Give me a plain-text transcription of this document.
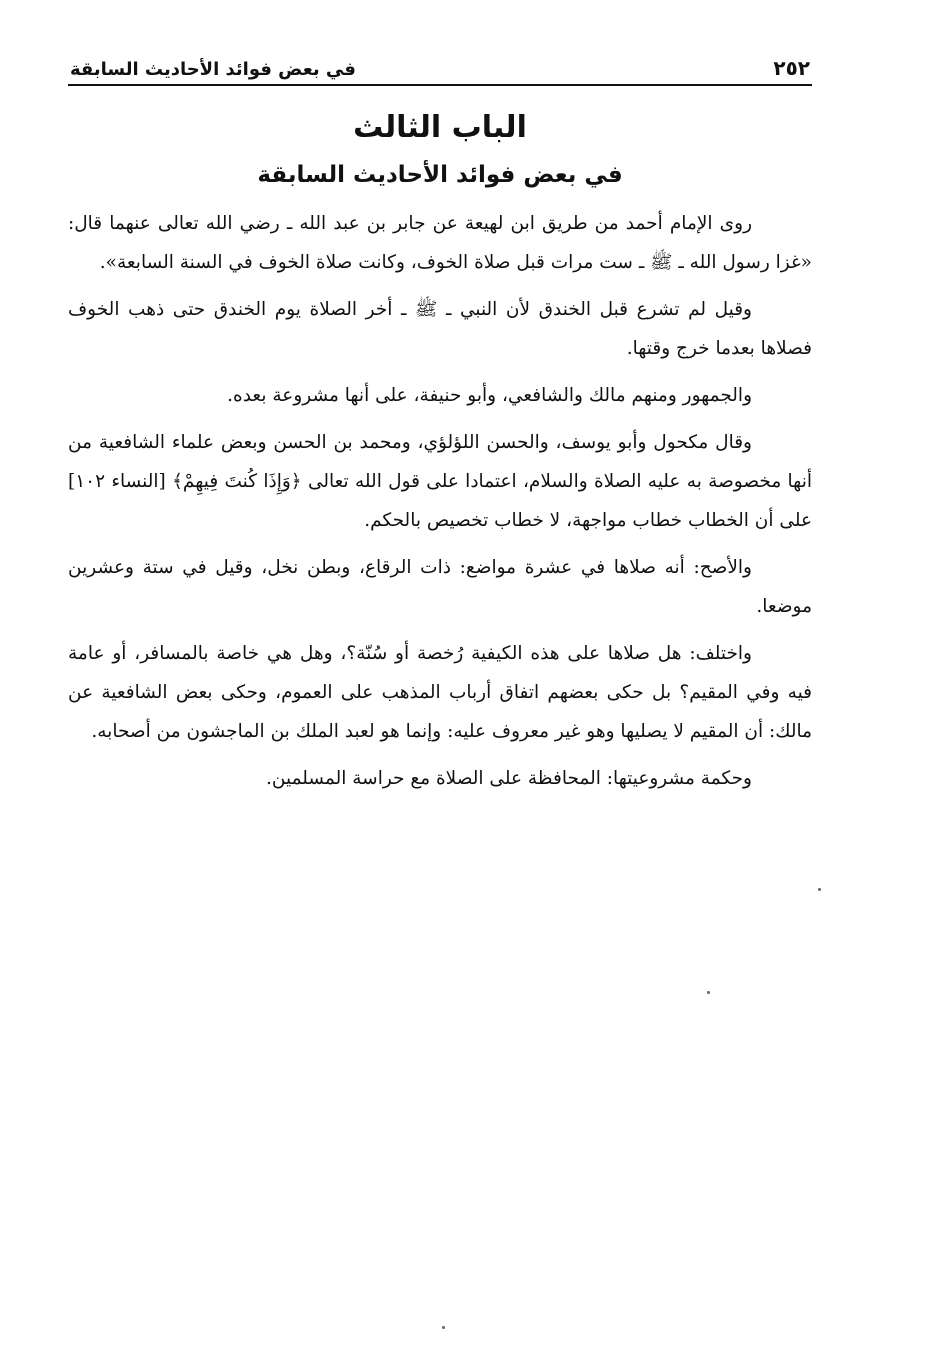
٢٥٢
في بعض فوائد الأحاديث السابقة
الباب الثالث
في بعض فوائد الأحاديث السابقة

روى الإمام أحمد من طريق ابن لهيعة عن جابر بن عبد الله ـ رضي الله تعالى عنهما قال: «غزا رسول الله ـ ﷺ ـ ست مرات قبل صلاة الخوف، وكانت صلاة الخوف في السنة السابعة».

وقيل لم تشرع قبل الخندق لأن النبي ـ ﷺ ـ أخر الصلاة يوم الخندق حتى ذهب الخوف فصلاها بعدما خرج وقتها.

والجمهور ومنهم مالك والشافعي، وأبو حنيفة، على أنها مشروعة بعده.

وقال مكحول وأبو يوسف، والحسن اللؤلؤي، ومحمد بن الحسن وبعض علماء الشافعية من أنها مخصوصة به عليه الصلاة والسلام، اعتمادا على قول الله تعالى ﴿وَإِذَا كُنتَ فِيهِمْ﴾ [النساء ١٠٢] على أن الخطاب خطاب مواجهة، لا خطاب تخصيص بالحكم.

والأصح: أنه صلاها في عشرة مواضع: ذات الرقاع، وبطن نخل، وقيل في ستة وعشرين موضعا.

واختلف: هل صلاها على هذه الكيفية رُخصة أو سُنّة؟، وهل هي خاصة بالمسافر، أو عامة فيه وفي المقيم؟ بل حكى بعضهم اتفاق أرباب المذهب على العموم، وحكى بعض الشافعية عن مالك: أن المقيم لا يصليها وهو غير معروف عليه: وإنما هو لعبد الملك بن الماجشون من أصحابه.

وحكمة مشروعيتها: المحافظة على الصلاة مع حراسة المسلمين.
